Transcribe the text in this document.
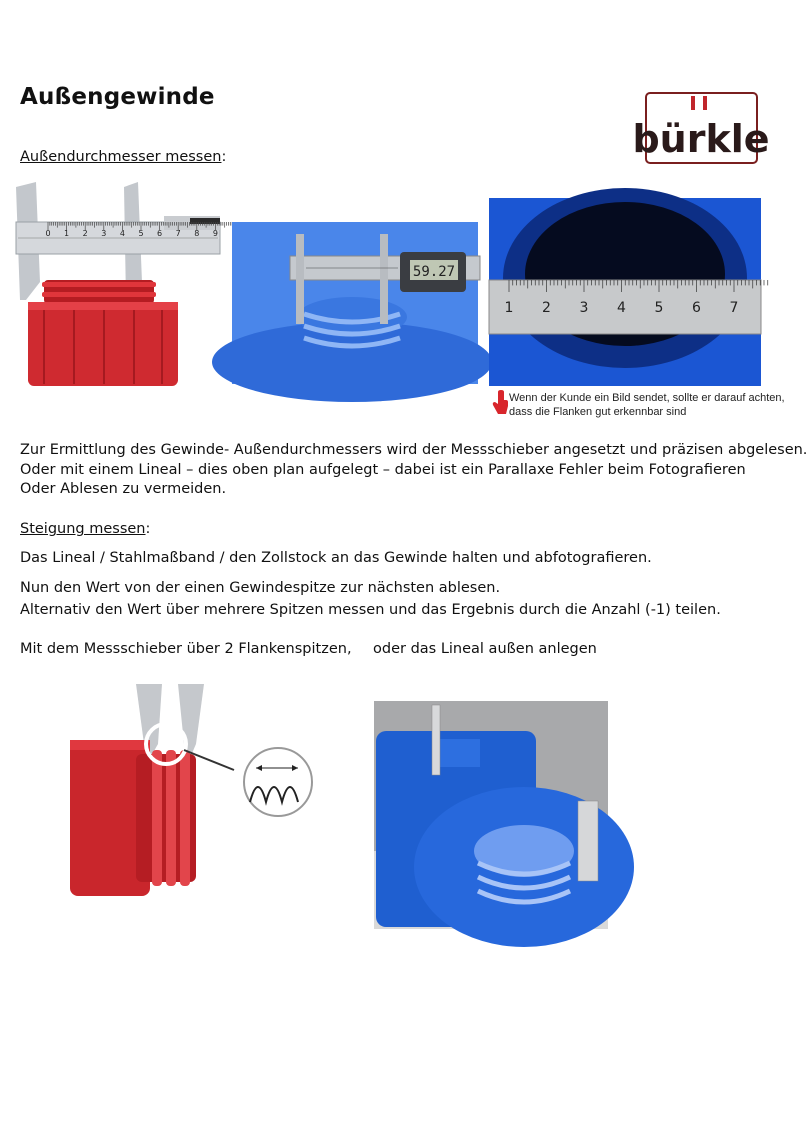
Außengewinde
bürkle
Außendurchmesser messen:
0 1 2 3 4 5 6 7 8 9
59.27
1 2 3 4 5 6 7
Wenn der Kunde ein Bild sendet, sollte er darauf achten,
dass die Flanken gut erkennbar sind
Zur Ermittlung des Gewinde- Außendurchmessers wird der Messschieber angesetzt und präzisen abgelesen.
Oder mit einem Lineal – dies oben plan aufgelegt – dabei ist ein Parallaxe Fehler beim Fotografieren
Oder Ablesen zu vermeiden.
Steigung messen:
Das Lineal / Stahlmaßband / den Zollstock an das Gewinde halten und abfotografieren.
Nun den Wert von der einen Gewindespitze zur nächsten ablesen.
Alternativ den Wert über mehrere Spitzen messen und das Ergebnis durch die Anzahl (-1) teilen.
Mit dem Messschieber über 2 Flankenspitzen, oder das Lineal außen anlegen
